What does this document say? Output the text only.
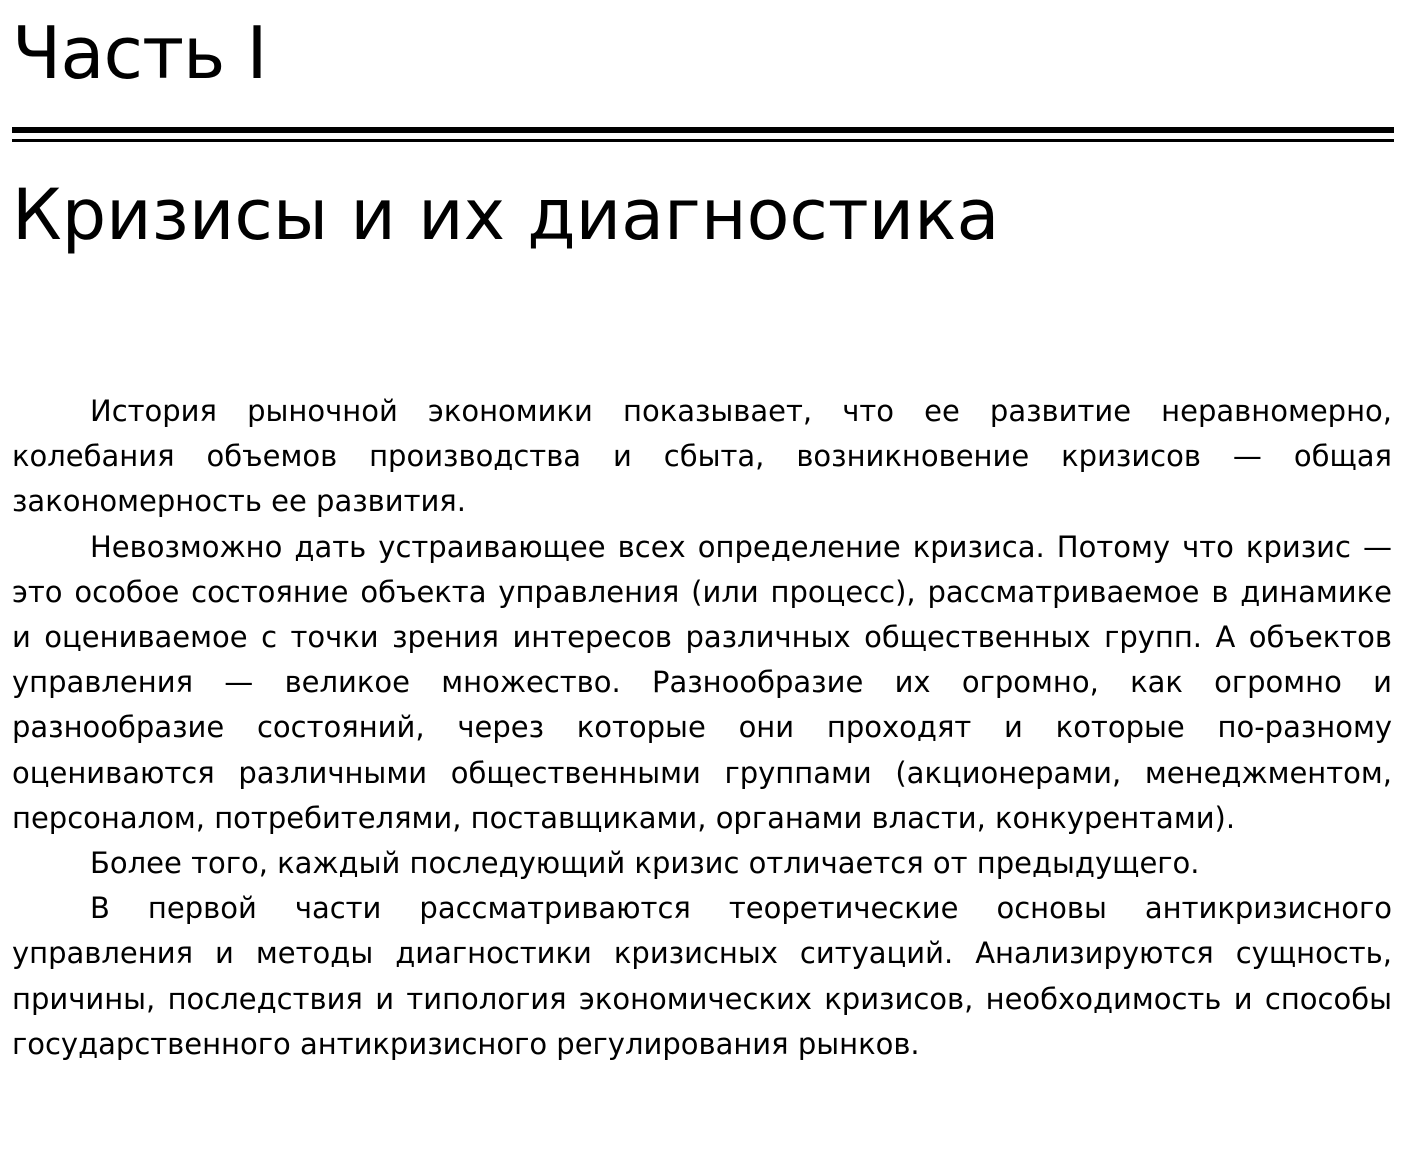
Часть I
Кризисы и их диагностика

История рыночной экономики показывает, что ее развитие неравномерно, колебания объемов производства и сбыта, возникновение кризисов — общая закономерность ее развития.

Невозможно дать устраивающее всех определение кризиса. Потому что кризис — это особое состояние объекта управления (или процесс), рассматриваемое в динамике и оцениваемое с точки зрения интересов различных общественных групп. А объектов управления — великое множество. Разнообразие их огромно, как огромно и разнообразие состояний, через которые они проходят и которые по-разному оцениваются различными общественными группами (акционерами, менеджментом, персоналом, потребителями, поставщиками, органами власти, конкурентами).

Более того, каждый последующий кризис отличается от предыдущего.

В первой части рассматриваются теоретические основы антикризисного управления и методы диагностики кризисных ситуаций. Анализируются сущность, причины, последствия и типология экономических кризисов, необходимость и способы государственного антикризисного регулирования рынков.
